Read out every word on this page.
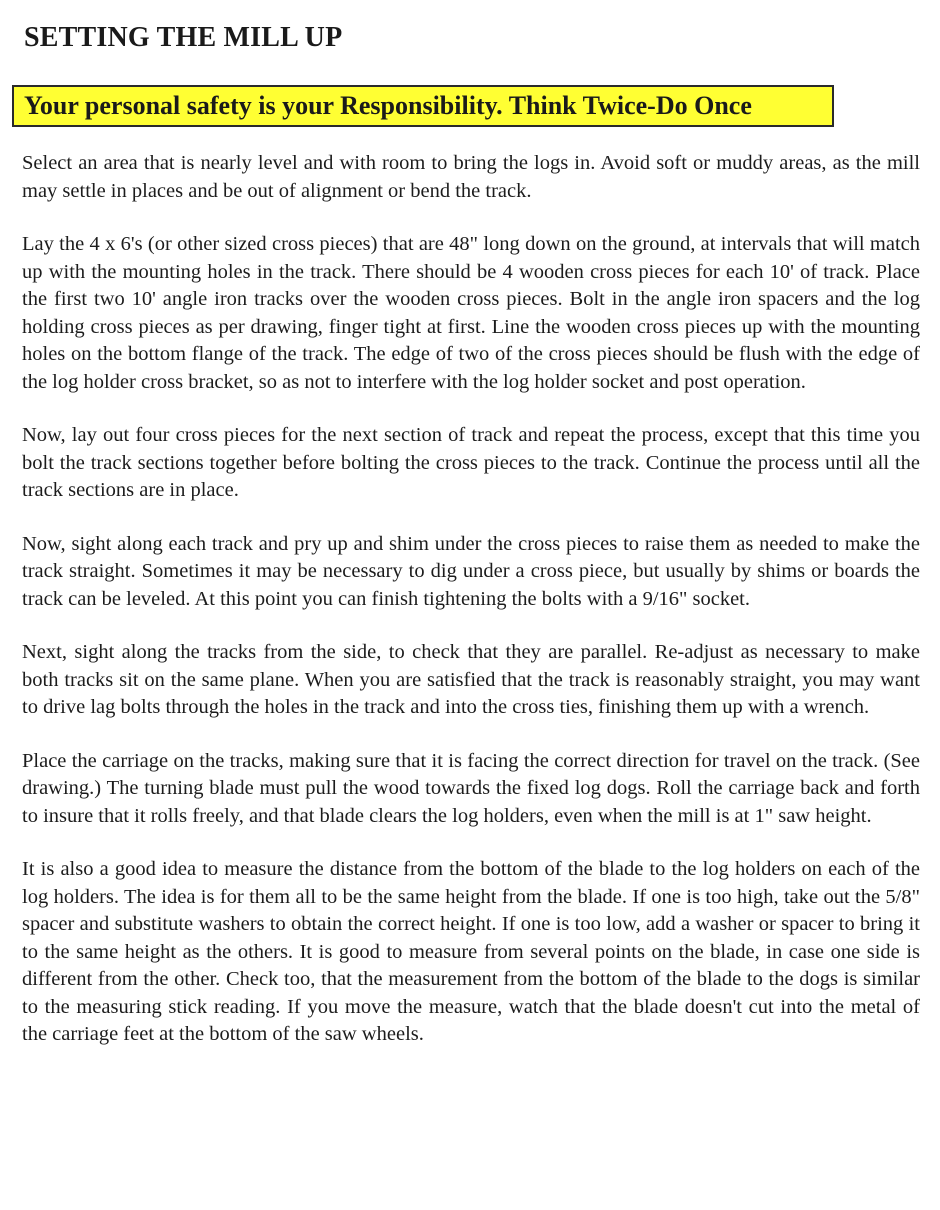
SETTING THE MILL UP
Your personal safety is your Responsibility. Think Twice-Do Once

Select an area that is nearly level and with room to bring the logs in. Avoid soft or muddy areas, as the mill may settle in places and be out of alignment or bend the track.

Lay the 4 x 6's (or other sized cross pieces) that are 48" long down on the ground, at intervals that will match up with the mounting holes in the track. There should be 4 wooden cross pieces for each 10' of track. Place the first two 10' angle iron tracks over the wooden cross pieces. Bolt in the angle iron spacers and the log holding cross pieces as per drawing, finger tight at first. Line the wooden cross pieces up with the mounting holes on the bottom flange of the track. The edge of two of the cross pieces should be flush with the edge of the log holder cross bracket, so as not to interfere with the log holder socket and post operation.

Now, lay out four cross pieces for the next section of track and repeat the process, except that this time you bolt the track sections together before bolting the cross pieces to the track. Continue the process until all the track sections are in place.

Now, sight along each track and pry up and shim under the cross pieces to raise them as needed to make the track straight. Sometimes it may be necessary to dig under a cross piece, but usually by shims or boards the track can be leveled. At this point you can finish tightening the bolts with a 9/16" socket.

Next, sight along the tracks from the side, to check that they are parallel. Re-adjust as necessary to make both tracks sit on the same plane. When you are satisfied that the track is reasonably straight, you may want to drive lag bolts through the holes in the track and into the cross ties, finishing them up with a wrench.

Place the carriage on the tracks, making sure that it is facing the correct direction for travel on the track. (See drawing.) The turning blade must pull the wood towards the fixed log dogs. Roll the carriage back and forth to insure that it rolls freely, and that blade clears the log holders, even when the mill is at 1" saw height.

It is also a good idea to measure the distance from the bottom of the blade to the log holders on each of the log holders. The idea is for them all to be the same height from the blade. If one is too high, take out the 5/8" spacer and substitute washers to obtain the correct height. If one is too low, add a washer or spacer to bring it to the same height as the others. It is good to measure from several points on the blade, in case one side is different from the other. Check too, that the measurement from the bottom of the blade to the dogs is similar to the measuring stick reading. If you move the measure, watch that the blade doesn't cut into the metal of the carriage feet at the bottom of the saw wheels.
